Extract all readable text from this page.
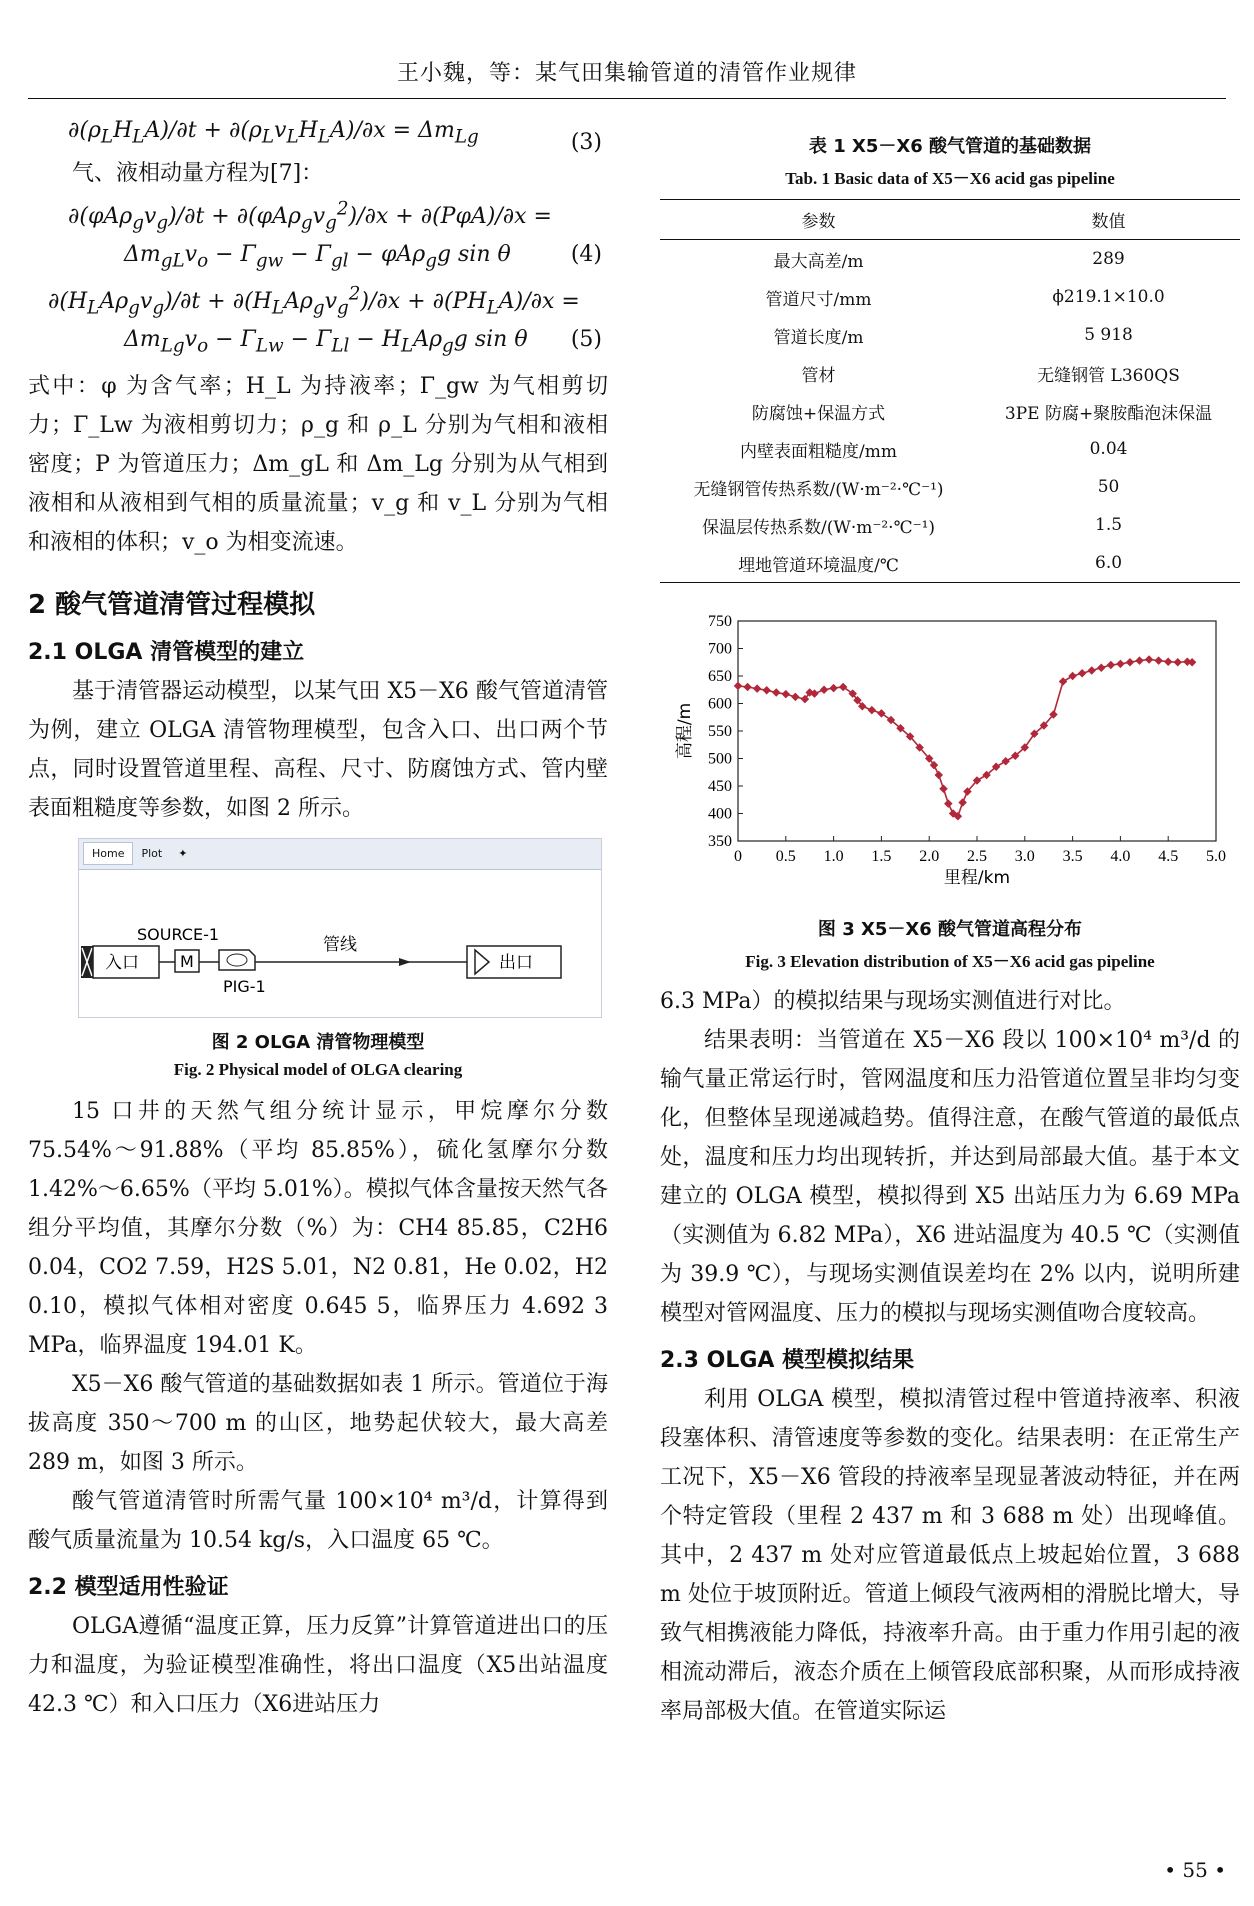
王小魏，等：某气田集输管道的清管作业规律
$\partial(\rho_LH_LA)/\partial t + \partial(\rho_Lv_LH_LA)/\partial x = \Delta m_{Lg}$	(3)

气、液相动量方程为[7]：

$\partial(\varphi A\rho_gv_g)/\partial t + \partial(\varphi A\rho_gv_g^2)/\partial x + \partial(P\varphi A)/\partial x$ =
$\Delta m_{gL}v_o - \Gamma_{gw} - \Gamma_{gl} - \varphi A\rho_gg$ sin θ	(4)
$\partial(H_LA\rho_gv_g)/\partial t + \partial(H_LA\rho_gv_g^2)/\partial x + \partial(PH_LA)/\partial x$ =
$\Delta m_{Lg}v_o - \Gamma_{Lw} - \Gamma_{Ll} - H_LA\rho_gg$ sin θ (5)

式中：φ 为含气率；H_L 为持液率；Γ_gw 为气相剪切力；Γ_Lw 为液相剪切力；ρ_g 和 ρ_L 分别为气相和液相密度；P 为管道压力；Δm_gL 和 Δm_Lg 分别为从气相到液相和从液相到气相的质量流量；v_g 和 v_L 分别为气相和液相的体积；v_o 为相变流速。

2 酸气管道清管过程模拟
2.1 OLGA 清管模型的建立

基于清管器运动模型，以某气田 X5－X6 酸气管道清管为例，建立 OLGA 清管物理模型，包含入口、出口两个节点，同时设置管道里程、高程、尺寸、防腐蚀方式、管内壁表面粗糙度等参数，如图 2 所示。

Home	Plot	✦
入口	M
SOURCE-1
PIG-1
管线
出口
图 2 OLGA 清管物理模型
Fig. 2 Physical model of OLGA clearing

15 口井的天然气组分统计显示，甲烷摩尔分数 75.54%～91.88%（平均 85.85%），硫化氢摩尔分数 1.42%～6.65%（平均 5.01%）。模拟气体含量按天然气各组分平均值，其摩尔分数（%）为：CH4 85.85，C2H6 0.04，CO2 7.59，H2S 5.01，N2 0.81，He 0.02，H2 0.10，模拟气体相对密度 0.645 5，临界压力 4.692 3 MPa，临界温度 194.01 K。

X5－X6 酸气管道的基础数据如表 1 所示。管道位于海拔高度 350～700 m 的山区，地势起伏较大，最大高差 289 m，如图 3 所示。

酸气管道清管时所需气量 100×10⁴ m³/d，计算得到酸气质量流量为 10.54 kg/s，入口温度 65 ℃。

2.2 模型适用性验证

OLGA遵循“温度正算，压力反算”计算管道进出口的压力和温度，为验证模型准确性，将出口温度（X5出站温度 42.3 ℃）和入口压力（X6进站压力

表 1 X5－X6 酸气管道的基础数据
Tab. 1 Basic data of X5－X6 acid gas pipeline
参数	数值
最大高差/m	289
管道尺寸/mm	ϕ219.1×10.0
管道长度/m	5 918
管材	无缝钢管 L360QS
防腐蚀+保温方式	3PE 防腐+聚胺酯泡沫保温
内壁表面粗糙度/mm	0.04
无缝钢管传热系数/(W·m⁻²·℃⁻¹)	50
保温层传热系数/(W·m⁻²·℃⁻¹)	1.5
埋地管道环境温度/℃	6.0
0 0.5 1.0 1.5 2.0 2.5 3.0 3.5 4.0 4.5 5.0
350
400
450
500
550
600
650
700
750
高程/m
里程/km
图 3 X5－X6 酸气管道高程分布
Fig. 3 Elevation distribution of X5－X6 acid gas pipeline

6.3 MPa）的模拟结果与现场实测值进行对比。

结果表明：当管道在 X5－X6 段以 100×10⁴ m³/d 的输气量正常运行时，管网温度和压力沿管道位置呈非均匀变化，但整体呈现递减趋势。值得注意，在酸气管道的最低点处，温度和压力均出现转折，并达到局部最大值。基于本文建立的 OLGA 模型，模拟得到 X5 出站压力为 6.69 MPa（实测值为 6.82 MPa），X6 进站温度为 40.5 ℃（实测值为 39.9 ℃），与现场实测值误差均在 2% 以内，说明所建模型对管网温度、压力的模拟与现场实测值吻合度较高。

2.3 OLGA 模型模拟结果

利用 OLGA 模型，模拟清管过程中管道持液率、积液段塞体积、清管速度等参数的变化。结果表明：在正常生产工况下，X5－X6 管段的持液率呈现显著波动特征，并在两个特定管段（里程 2 437 m 和 3 688 m 处）出现峰值。其中，2 437 m 处对应管道最低点上坡起始位置，3 688 m 处位于坡顶附近。管道上倾段气液两相的滑脱比增大，导致气相携液能力降低，持液率升高。由于重力作用引起的液相流动滞后，液态介质在上倾管段底部积聚，从而形成持液率局部极大值。在管道实际运

• 55 •
